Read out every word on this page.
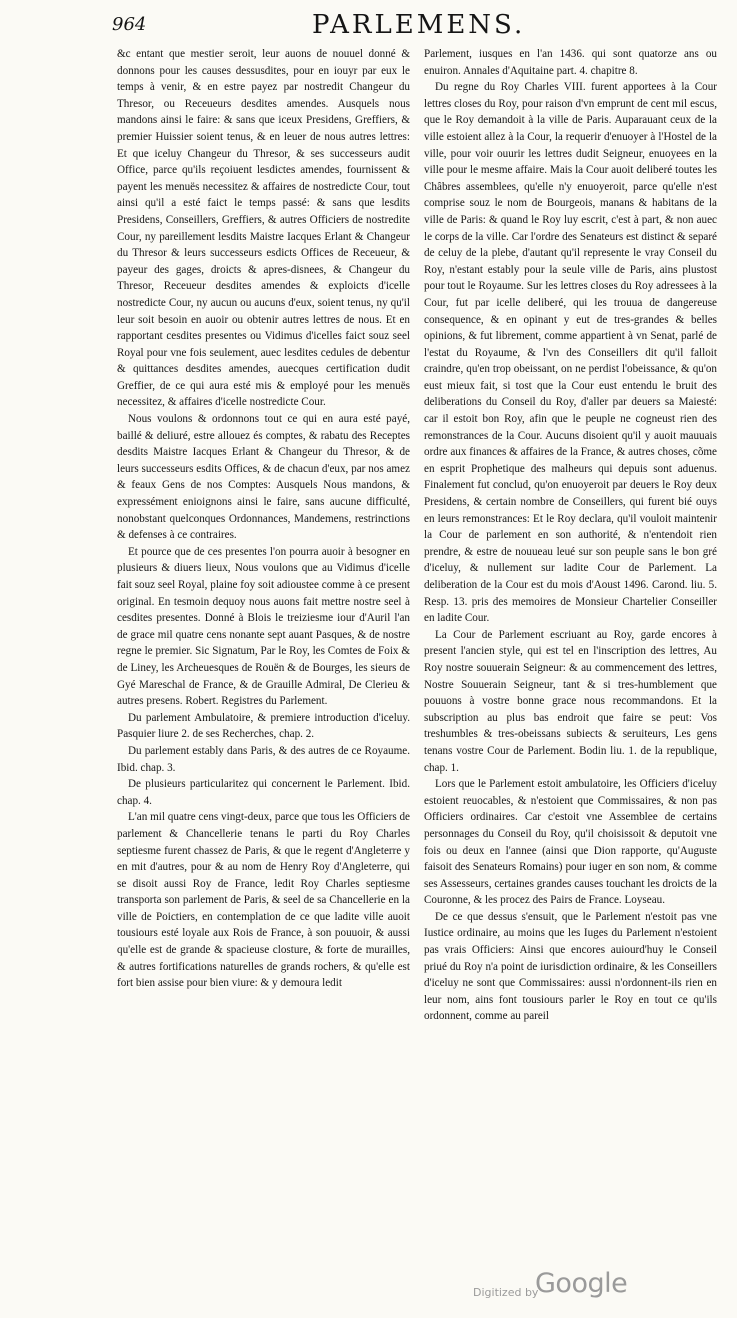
964	PARLEMENS.

&c entant que mestier seroit, leur auons de nouuel donné & donnons pour les causes dessusdites, pour en iouyr par eux le temps à venir, & en estre payez par nostredit Changeur du Thresor, ou Receueurs desdites amendes. Ausquels nous mandons ainsi le faire: & sans que iceux Presidens, Greffiers, & premier Huissier soient tenus, & en leuer de nous autres lettres: Et que iceluy Changeur du Thresor, & ses successeurs audit Office, parce qu'ils reçoiuent lesdictes amendes, fournissent & payent les menuës necessitez & affaires de nostredicte Cour, tout ainsi qu'il a esté faict le temps passé: & sans que lesdits Presidens, Conseillers, Greffiers, & autres Officiers de nostredite Cour, ny pareillement lesdits Maistre Iacques Erlant & Changeur du Thresor & leurs successeurs esdicts Offices de Receueur, & payeur des gages, droicts & apres-disnees, & Changeur du Thresor, Receueur desdites amendes & exploicts d'icelle nostredicte Cour, ny aucun ou aucuns d'eux, soient tenus, ny qu'il leur soit besoin en auoir ou obtenir autres lettres de nous. Et en rapportant cesdites presentes ou Vidimus d'icelles faict souz seel Royal pour vne fois seulement, auec lesdites cedules de debentur & quittances desdites amendes, auecques certification dudit Greffier, de ce qui aura esté mis & employé pour les menuës necessitez, & affaires d'icelle nostredicte Cour.

Nous voulons & ordonnons tout ce qui en aura esté payé, baillé & deliuré, estre allouez és comptes, & rabatu des Receptes desdits Maistre Iacques Erlant & Changeur du Thresor, & de leurs successeurs esdits Offices, & de chacun d'eux, par nos amez & feaux Gens de nos Comptes: Ausquels Nous mandons, & expressément enioignons ainsi le faire, sans aucune difficulté, nonobstant quelconques Ordonnances, Mandemens, restrinctions & defenses à ce contraires.

Et pource que de ces presentes l'on pourra auoir à besogner en plusieurs & diuers lieux, Nous voulons que au Vidimus d'icelle fait souz seel Royal, plaine foy soit adioustee comme à ce present original. En tesmoin dequoy nous auons fait mettre nostre seel à cesdites presentes. Donné à Blois le treiziesme iour d'Auril l'an de grace mil quatre cens nonante sept auant Pasques, & de nostre regne le premier. Sic Signatum, Par le Roy, les Comtes de Foix & de Liney, les Archeuesques de Rouën & de Bourges, les sieurs de Gyé Mareschal de France, & de Grauille Admiral, De Clerieu & autres presens. Robert. Registres du Parlement.

Du parlement Ambulatoire, & premiere introduction d'iceluy. Pasquier liure 2. de ses Recherches, chap. 2.

Du parlement estably dans Paris, & des autres de ce Royaume. Ibid. chap. 3.

De plusieurs particularitez qui concernent le Parlement. Ibid. chap. 4.

L'an mil quatre cens vingt-deux, parce que tous les Officiers de parlement & Chancellerie tenans le parti du Roy Charles septiesme furent chassez de Paris, & que le regent d'Angleterre y en mit d'autres, pour & au nom de Henry Roy d'Angleterre, qui se disoit aussi Roy de France, ledit Roy Charles septiesme transporta son parlement de Paris, & seel de sa Chancellerie en la ville de Poictiers, en contemplation de ce que ladite ville auoit tousiours esté loyale aux Rois de France, à son pouuoir, & aussi qu'elle est de grande & spacieuse closture, & forte de murailles, & autres fortifications naturelles de grands rochers, & qu'elle est fort bien assise pour bien viure: & y demoura ledit

Parlement, iusques en l'an 1436. qui sont quatorze ans ou enuiron. Annales d'Aquitaine part. 4. chapitre 8.

Du regne du Roy Charles VIII. furent apportees à la Cour lettres closes du Roy, pour raison d'vn emprunt de cent mil escus, que le Roy demandoit à la ville de Paris. Auparauant ceux de la ville estoient allez à la Cour, la requerir d'enuoyer à l'Hostel de la ville, pour voir ouurir les lettres dudit Seigneur, enuoyees en la ville pour le mesme affaire. Mais la Cour auoit deliberé toutes les Châbres assemblees, qu'elle n'y enuoyeroit, parce qu'elle n'est comprise souz le nom de Bourgeois, manans & habitans de la ville de Paris: & quand le Roy luy escrit, c'est à part, & non auec le corps de la ville. Car l'ordre des Senateurs est distinct & separé de celuy de la plebe, d'autant qu'il represente le vray Conseil du Roy, n'estant estably pour la seule ville de Paris, ains plustost pour tout le Royaume. Sur les lettres closes du Roy adressees à la Cour, fut par icelle deliberé, qui les trouua de dangereuse consequence, & en opinant y eut de tres-grandes & belles opinions, & fut librement, comme appartient à vn Senat, parlé de l'estat du Royaume, & l'vn des Conseillers dit qu'il falloit craindre, qu'en trop obeissant, on ne perdist l'obeissance, & qu'on eust mieux fait, si tost que la Cour eust entendu le bruit des deliberations du Conseil du Roy, d'aller par deuers sa Maiesté: car il estoit bon Roy, afin que le peuple ne cogneust rien des remonstrances de la Cour. Aucuns disoient qu'il y auoit mauuais ordre aux finances & affaires de la France, & autres choses, cõme en esprit Prophetique des malheurs qui depuis sont aduenus. Finalement fut conclud, qu'on enuoyeroit par deuers le Roy deux Presidens, & certain nombre de Conseillers, qui furent bié ouys en leurs remonstrances: Et le Roy declara, qu'il vouloit maintenir la Cour de parlement en son authorité, & n'entendoit rien prendre, & estre de nouueau leué sur son peuple sans le bon gré d'iceluy, & nullement sur ladite Cour de Parlement. La deliberation de la Cour est du mois d'Aoust 1496. Carond. liu. 5. Resp. 13. pris des memoires de Monsieur Chartelier Conseiller en ladite Cour.

La Cour de Parlement escriuant au Roy, garde encores à present l'ancien style, qui est tel en l'inscription des lettres, Au Roy nostre souuerain Seigneur: & au commencement des lettres, Nostre Souuerain Seigneur, tant & si tres-humblement que pouuons à vostre bonne grace nous recommandons. Et la subscription au plus bas endroit que faire se peut: Vos treshumbles & tres-obeissans subiects & seruiteurs, Les gens tenans vostre Cour de Parlement. Bodin liu. 1. de la republique, chap. 1.

Lors que le Parlement estoit ambulatoire, les Officiers d'iceluy estoient reuocables, & n'estoient que Commissaires, & non pas Officiers ordinaires. Car c'estoit vne Assemblee de certains personnages du Conseil du Roy, qu'il choisissoit & deputoit vne fois ou deux en l'annee (ainsi que Dion rapporte, qu'Auguste faisoit des Senateurs Romains) pour iuger en son nom, & comme ses Assesseurs, certaines grandes causes touchant les droicts de la Couronne, & les procez des Pairs de France. Loyseau.

De ce que dessus s'ensuit, que le Parlement n'estoit pas vne Iustice ordinaire, au moins que les Iuges du Parlement n'estoient pas vrais Officiers: Ainsi que encores auiourd'huy le Conseil priué du Roy n'a point de iurisdiction ordinaire, & les Conseillers d'iceluy ne sont que Commissaires: aussi n'ordonnent-ils rien en leur nom, ains font tousiours parler le Roy en tout ce qu'ils ordonnent, comme au pareil

Digitized by
Google
